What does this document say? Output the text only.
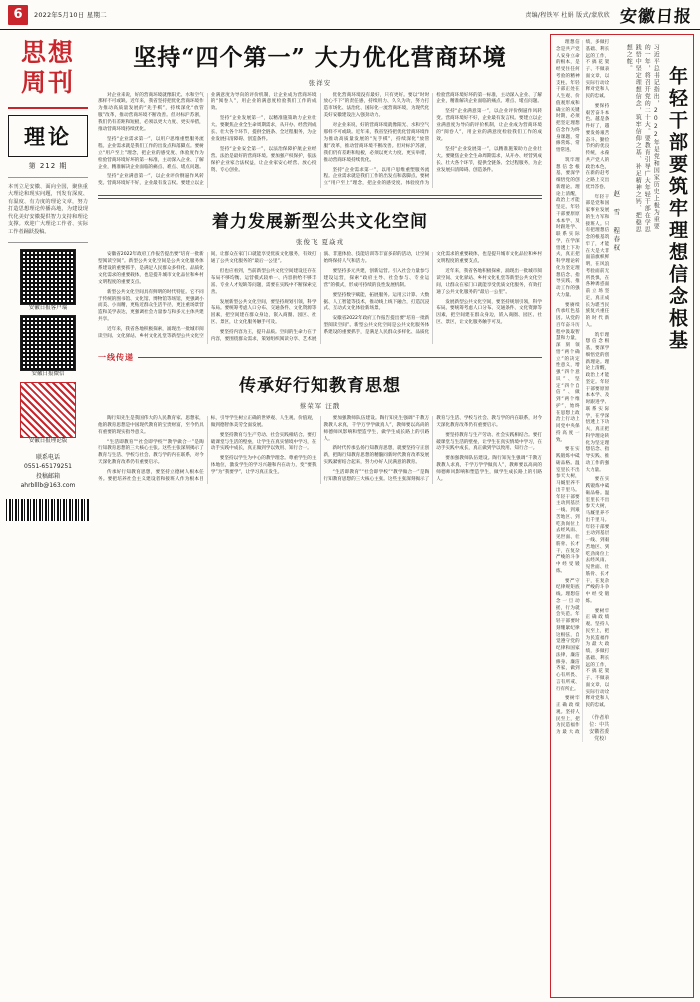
6	2022年5月10日 星期二	责编/程铁军 杜娟 版式/蒙欣欣 安徽日报
思想
周刊
理论
第 212 期
本刊立足安徽、面向全国，聚焦重大理论和现实问题，刊发有深度、有温度、有力度的理论文章，努力打造思想理论传播高地，为建设现代化美好安徽提供智力支持和理论支撑。欢迎广大理论工作者、实际工作者踊跃投稿。
安徽日报客户端
安徽日报微信
安徽日报理论版
联系电话
0551-65179251
投稿邮箱
ahrblllb@163.com
坚持“四个第一” 大力优化营商环境
张祥安

对企业来说，好的营商环境就像阳光、水和空气那样不可或缺。近年来，我省坚持把优化营商环境作为推动高质量发展的“先手棋”，持续深化“放管服”改革，推动营商环境不断改善。但对标沪苏浙，我们仍有差距和短板，必须以更大力度、更实举措，推动营商环境持续优化。

坚持“企业需求第一”，以用户思维重塑服务流程。企业需求就是我们工作的出发点和落脚点。要树立“用户至上”理念，把企业的感受度、体验度作为检验营商环境好坏的第一标准，主动深入企业、了解企业，精准解决企业面临的痛点、难点、堵点问题。

坚持“企业满意第一”，以企业评价倒逼作风转变。营商环境好不好，企业最有发言权。要建立以企业满意度为导向的评价机制，让企业成为营商环境的“阅卷人”，用企业的满意度检验我们工作的成效。

坚持“企业发展第一”，以精准施策助力企业壮大。要聚焦企业全生命周期需求，从开办、经营到成长、壮大各个环节，提供全链条、全过程服务，为企业发展扫清障碍、创造条件。

坚持“企业安全第一”，以法治保障护航企业经营。法治是最好的营商环境。要加强产权保护，依法保护企业家合法权益，让企业家安心经营、放心投资、专心创业。

优化营商环境没有最好，只有更好。要以“时时放心不下”的责任感，持续用力、久久为功，努力打造市场化、法治化、国际化一流营商环境，为现代化美好安徽建设注入强劲动力。

对企业来说，好的营商环境就像阳光、水和空气那样不可或缺。近年来，我省坚持把优化营商环境作为推动高质量发展的“先手棋”，持续深化“放管服”改革，推动营商环境不断改善。但对标沪苏浙，我们仍有差距和短板，必须以更大力度、更实举措，推动营商环境持续优化。

坚持“企业需求第一”，以用户思维重塑服务流程。企业需求就是我们工作的出发点和落脚点。要树立“用户至上”理念，把企业的感受度、体验度作为检验营商环境好坏的第一标准，主动深入企业、了解企业，精准解决企业面临的痛点、难点、堵点问题。

坚持“企业满意第一”，以企业评价倒逼作风转变。营商环境好不好，企业最有发言权。要建立以企业满意度为导向的评价机制，让企业成为营商环境的“阅卷人”，用企业的满意度检验我们工作的成效。

坚持“企业发展第一”，以精准施策助力企业壮大。要聚焦企业全生命周期需求，从开办、经营到成长、壮大各个环节，提供全链条、全过程服务，为企业发展扫清障碍、创造条件。

着力发展新型公共文化空间
张俊飞 夏焱戎

安徽省2022年政府工作报告提出要“培育一批新型阅读空间”。新型公共文化空间是公共文化服务体系建设的重要抓手，是满足人民群众多样化、品质化文化需求的重要载体，也是提升城市文化品位和乡村文明程度的重要支点。

新型公共文化空间具有鲜明的时代特征。它不同于传统的图书馆、文化馆、博物馆等场馆，更强调小而美、小而精，更贴近群众生活半径，更注重场景营造和美学表达，更强调社会力量参与和多元主体共建共享。

近年来，我省各地积极探索，涌现出一批城市阅读空间、文化驿站、乡村文化礼堂等新型公共文化空间，让群众在家门口就能享受优质文化服务，有效打通了公共文化服务的“最后一公里”。

但也应看到，当前新型公共文化空间建设还存在布局不够均衡、运营模式较单一、内容供给不够丰富、专业人才短缺等问题，需要在实践中不断探索完善。

发展新型公共文化空间，要坚持规划引领，科学布局。要统筹考虑人口分布、交通条件、文化资源等因素，把空间建在群众身边，嵌入商圈、园区、社区、景区，让文化服务触手可及。

要坚持内容为王，提升品质。空间的生命力在于内容，要围绕群众需求，策划组织阅读分享、艺术展演、非遗体验、技能培训等丰富多彩的活动，让空间始终保持人气和活力。

要坚持多元共建，创新运营。引入社会力量参与建设运营，探索“政府主导、社会参与、专业运营”的模式，形成可持续的良性发展机制。

要坚持数字赋能，拓展服务。运用云计算、大数据、人工智能等技术，推动线上线下融合，打造沉浸式、互动式文化体验新场景。

安徽省2022年政府工作报告提出要“培育一批新型阅读空间”。新型公共文化空间是公共文化服务体系建设的重要抓手，是满足人民群众多样化、品质化文化需求的重要载体，也是提升城市文化品位和乡村文明程度的重要支点。

近年来，我省各地积极探索，涌现出一批城市阅读空间、文化驿站、乡村文化礼堂等新型公共文化空间，让群众在家门口就能享受优质文化服务，有效打通了公共文化服务的“最后一公里”。

发展新型公共文化空间，要坚持规划引领，科学布局。要统筹考虑人口分布、交通条件、文化资源等因素，把空间建在群众身边，嵌入商圈、园区、社区、景区，让文化服务触手可及。

一线传递
传承好行知教育思想
蔡荣军 汪戬

陶行知先生是我国伟大的人民教育家、思想家，他的教育思想是中国现代教育的宝贵财富，至今仍具有重要的现实指导意义。

“生活即教育”“社会即学校”“教学做合一”是陶行知教育思想的三大核心主张。这些主张深刻揭示了教育与生活、学校与社会、教与学的内在联系，对今天深化教育改革仍有重要启示。

传承好行知教育思想，要坚持立德树人根本任务。要把培养社会主义建设者和接班人作为根本目标，引导学生树立正确的世界观、人生观、价值观，做到德智体美劳全面发展。

要坚持教育与生产劳动、社会实践相结合。要打破课堂与生活的壁垒，让学生在真实情境中学习，在动手实践中成长，真正做到学以致用、知行合一。

要坚持以学生为中心的教学理念。尊重学生的主体地位，激发学生的学习兴趣和内在动力，变“要我学”为“我要学”，让学习真正发生。

要加强教师队伍建设。陶行知先生强调“千教万教教人求真，千学万学学做真人”，教师要以高尚的师德师风影响和塑造学生，做学生成长路上的引路人。

新时代传承弘扬行知教育思想，就要坚持守正创新，把陶行知教育思想的精髓同新时代教育改革发展实践紧密结合起来，努力办好人民满意的教育。

“生活即教育”“社会即学校”“教学做合一”是陶行知教育思想的三大核心主张。这些主张深刻揭示了教育与生活、学校与社会、教与学的内在联系，对今天深化教育改革仍有重要启示。

要坚持教育与生产劳动、社会实践相结合。要打破课堂与生活的壁垒，让学生在真实情境中学习，在动手实践中成长，真正做到学以致用、知行合一。

要加强教师队伍建设。陶行知先生强调“千教万教教人求真，千学万学学做真人”，教师要以高尚的师德师风影响和塑造学生，做学生成长路上的引路人。

年轻干部要筑牢理想信念根基
习近平总书记指出，2022年是党和国家历史上极为重要的一年，将召开党的二十大。要教育引导广大年轻干部在学思践悟中坚定理想信念，筑牢信仰之基、补足精神之钙、把稳思想之舵。
赵 雪 程春权

理想信念是共产党人安身立命的根本，是经受住任何考验的精神支柱。年轻干部正处在人生观、价值观形成和确立的关键时期，必须把坚定理想信念作为终身课题，常修常炼、常悟常进。

筑牢理想信念根基，要深学细悟党的创新理论。理论上清醒，政治上才能坚定。年轻干部要原原本本学、及时跟进学、联系实际学，在学深悟透上下功夫，真正把科学理论转化为坚定理想信念、指导实践、推动工作的强大力量。

要赓续传承红色基因。从党的百年奋斗历程中汲取智慧和力量，深刻领悟“两个确立”的决定性意义，增强“四个意识”、坚定“四个自信”、做到“两个维护”，始终在思想上政治上行动上同党中央保持高度一致。

要在实践锻炼中砥砺品格。温室里长不出参天大树，马厩里养不出千里马。年轻干部要主动到基层一线、到艰苦地区、到吃劲岗位上去经风雨、见世面、壮筋骨、长才干，在复杂严峻的斗争中经受锻炼。

要严守纪律规矩底线。理想信念一旦动摇，行为就会失范。年轻干部要时刻绷紧纪律这根弦，自觉遵守党的纪律和国家法律，廉洁修身、廉洁齐家，做到心有所畏、言有所戒、行有所止。

要树牢正确政绩观。坚持人民至上，把为民造福作为最大政绩，多做打基础、利长远的工作，不搞花架子、不做表面文章，以实际行动诠释对党和人民的忠诚。

要保持艰苦奋斗本色。越是条件好了，越要发扬艰苦奋斗、勤俭节约的优良传统，永葆共产党人的政治本色，在新的赶考之路上交出优异答卷。

年轻干部是党和国家事业发展的生力军和接班人。只有把理想信念的根基筑牢了，才能在大是大非面前旗帜鲜明，在风浪考验面前无所畏惧，在各种诱惑面前立场坚定，真正成长为堪当民族复兴重任的时代新人。

筑牢理想信念根基，要深学细悟党的创新理论。理论上清醒，政治上才能坚定。年轻干部要原原本本学、及时跟进学、联系实际学，在学深悟透上下功夫，真正把科学理论转化为坚定理想信念、指导实践、推动工作的强大力量。

要在实践锻炼中砥砺品格。温室里长不出参天大树，马厩里养不出千里马。年轻干部要主动到基层一线、到艰苦地区、到吃劲岗位上去经风雨、见世面、壮筋骨、长才干，在复杂严峻的斗争中经受锻炼。

要树牢正确政绩观。坚持人民至上，把为民造福作为最大政绩，多做打基础、利长远的工作，不搞花架子、不做表面文章，以实际行动诠释对党和人民的忠诚。

（作者单位：中共安徽省委党校）
